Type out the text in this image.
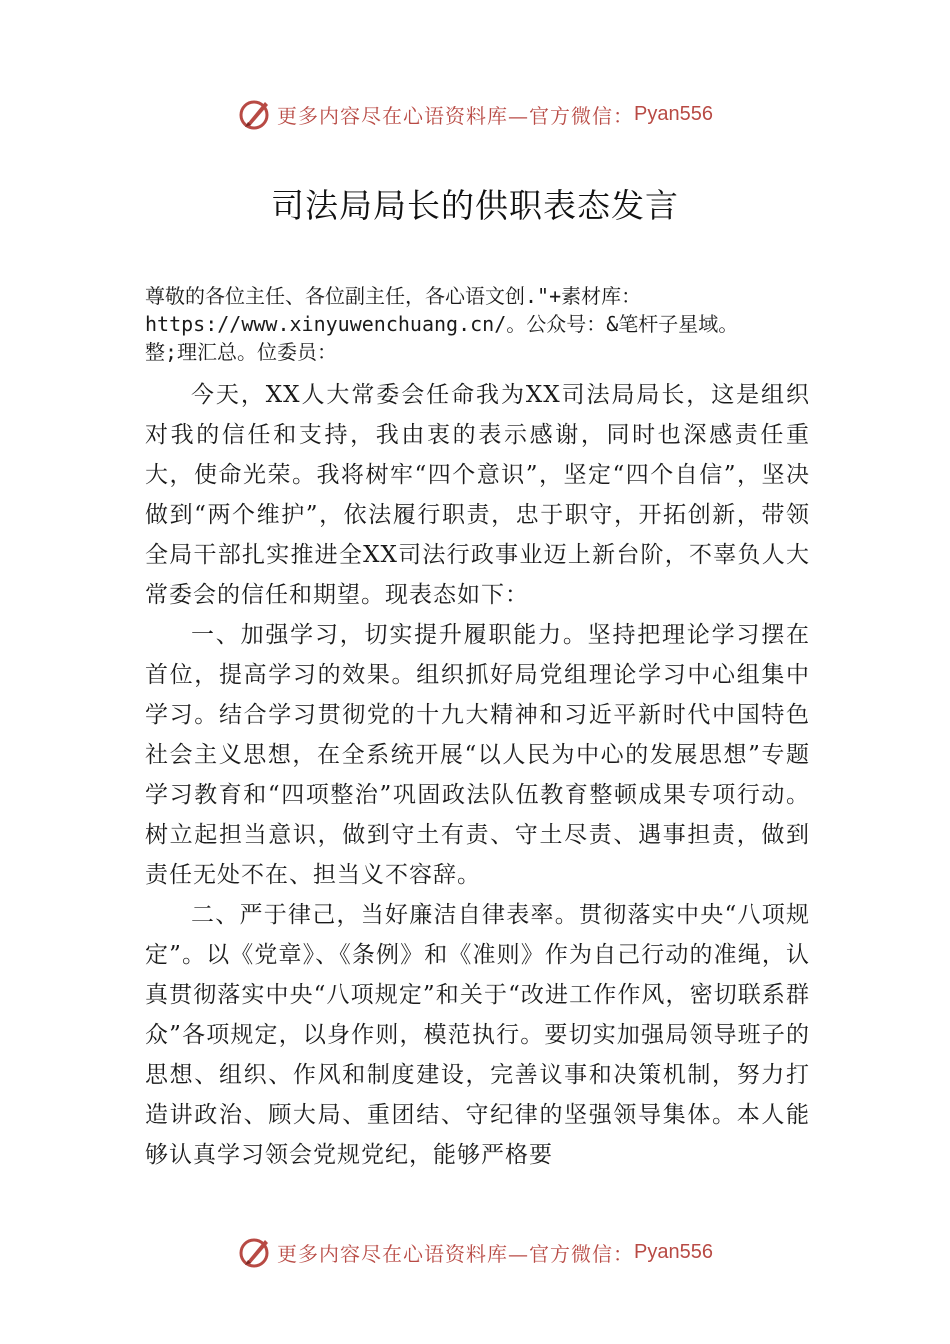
更多内容尽在心语资料库—官方微信： Pyan556
司法局局长的供职表态发言
尊敬的各位主任、各位副主任，各心语文创."+素材库：
https://www.xinyuwenchuang.cn/。公众号：&笔杆子星域。
整;理汇总。位委员：

今天，XX人大常委会任命我为XX司法局局长，这是组织对我的信任和支持，我由衷的表示感谢，同时也深感责任重大，使命光荣。我将树牢“四个意识”，坚定“四个自信”，坚决做到“两个维护”，依法履行职责，忠于职守，开拓创新，带领全局干部扎实推进全XX司法行政事业迈上新台阶，不辜负人大常委会的信任和期望。现表态如下：

一、加强学习，切实提升履职能力。坚持把理论学习摆在首位，提高学习的效果。组织抓好局党组理论学习中心组集中学习。结合学习贯彻党的十九大精神和习近平新时代中国特色社会主义思想，在全系统开展“以人民为中心的发展思想”专题学习教育和“四项整治”巩固政法队伍教育整顿成果专项行动。树立起担当意识，做到守土有责、守土尽责、遇事担责，做到责任无处不在、担当义不容辞。

二、严于律己，当好廉洁自律表率。贯彻落实中央“八项规定”。以《党章》、《条例》和《准则》作为自己行动的准绳，认真贯彻落实中央“八项规定”和关于“改进工作作风，密切联系群众”各项规定，以身作则，模范执行。要切实加强局领导班子的思想、组织、作风和制度建设，完善议事和决策机制，努力打造讲政治、顾大局、重团结、守纪律的坚强领导集体。本人能够认真学习领会党规党纪，能够严格要

更多内容尽在心语资料库—官方微信： Pyan556
